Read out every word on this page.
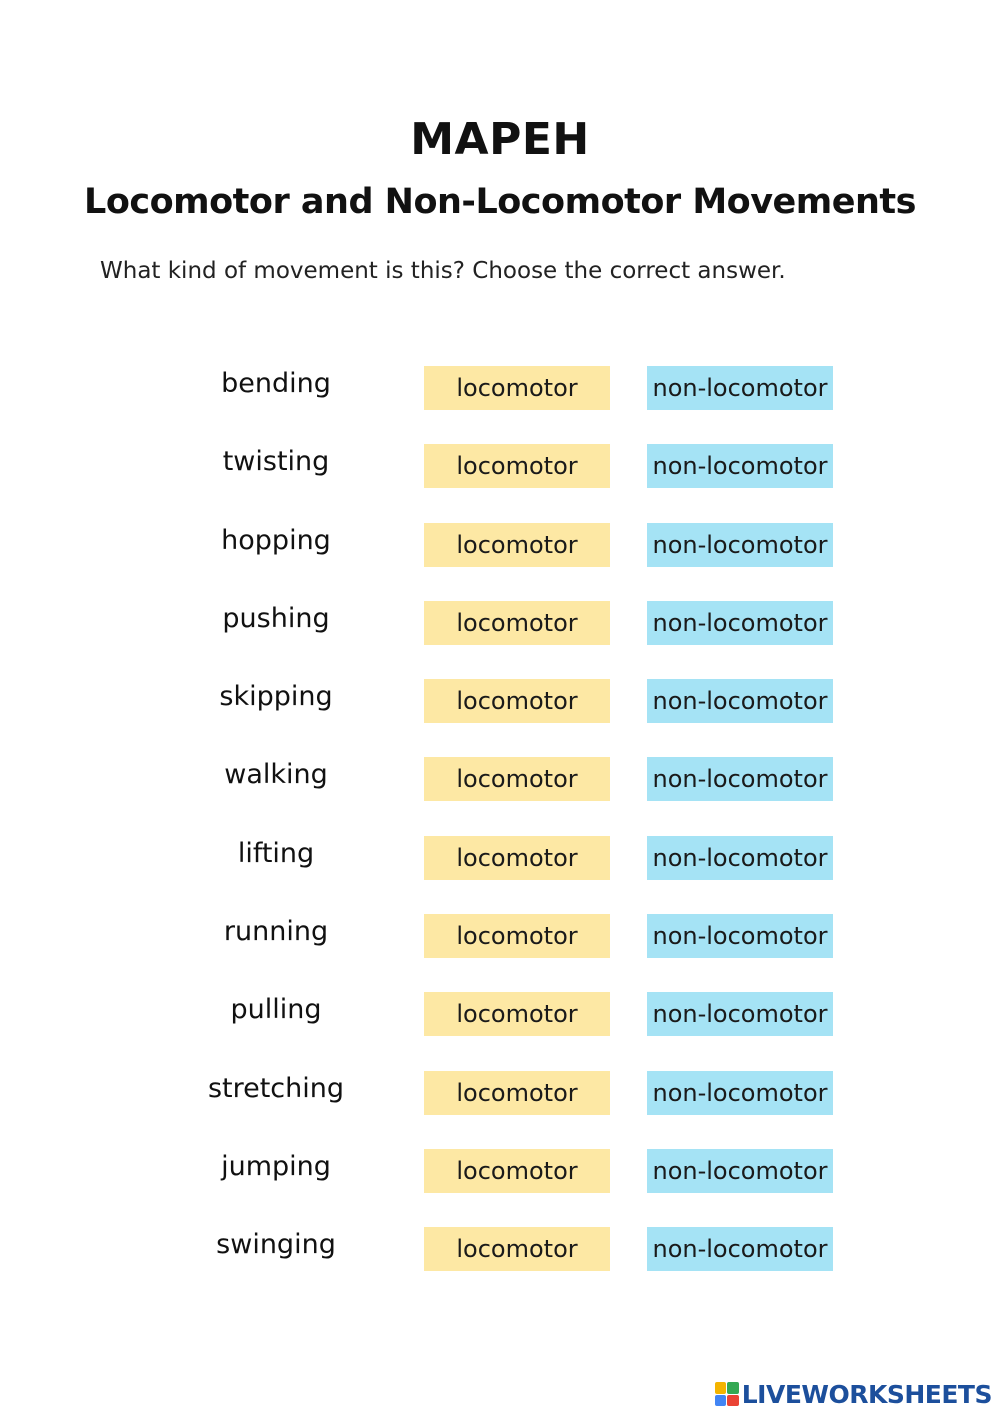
MAPEH
Locomotor and Non-Locomotor Movements

What kind of movement is this? Choose the correct answer.

bending	locomotor	non-locomotor
twisting	locomotor	non-locomotor
hopping	locomotor	non-locomotor
pushing	locomotor	non-locomotor
skipping	locomotor	non-locomotor
walking	locomotor	non-locomotor
lifting	locomotor	non-locomotor
running	locomotor	non-locomotor
pulling	locomotor	non-locomotor
stretching	locomotor	non-locomotor
jumping	locomotor	non-locomotor
swinging	locomotor	non-locomotor
LIVEWORKSHEETS
